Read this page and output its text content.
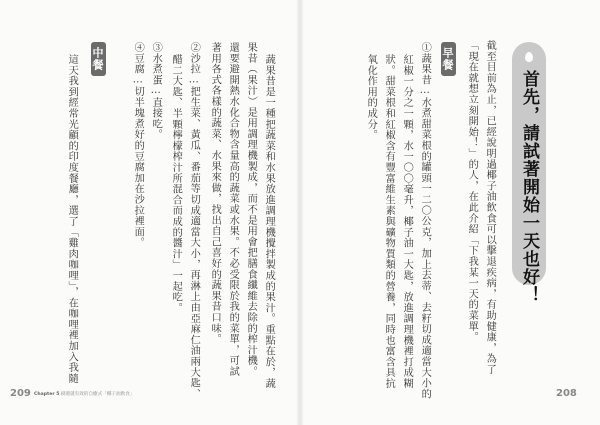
首先，請試著開始一天也好！
截至目前為止，已經說明過椰子油飲食可以擊退疾病，有助健康，為了
「現在就想立刻開始！」的人，在此介紹「下我某一天的菜單。
早餐
①蔬果昔…水煮甜菜根的罐頭一二〇公克，加上去蒂、去籽切成適當大小的
紅椒一分之一顆，水一〇〇毫升，椰子油一大匙，放進調理機裡打成糊
狀。甜菜根和紅椒含有豐富維生素與礦物質類的營養，同時也富含具抗
氧化作用的成分。
208
蔬果昔是一種把蔬菜和水果放進調理機攪拌製成的果汁。重點在於，蔬
果昔（果汁）是用調理機製成，而不是用會把膳食纖維去除的榨汁機。
還要避開熱水化合物含量高的蔬菜或水果。不必受限於我的菜單，可試
著用各式各樣的蔬菜、水果來做，找出自己喜好的蔬果昔口味。
②沙拉…把生菜、黃瓜、番茄等切成適當大小，再淋上由亞麻仁油兩大匙、
醋二大匙、半顆檸檬榨汁所混合而成的醬汁」一起吃。
③水煮蛋…直接吃。
④豆腐…切半塊煮好的豆腐加在沙拉裡面。
中餐
這天我到經常光顧的印度餐廳，選了「雞肉咖哩」，在咖哩裡加入我隨
209 Chapter 5 刷週就有效的自癒式「椰子油飲食」
